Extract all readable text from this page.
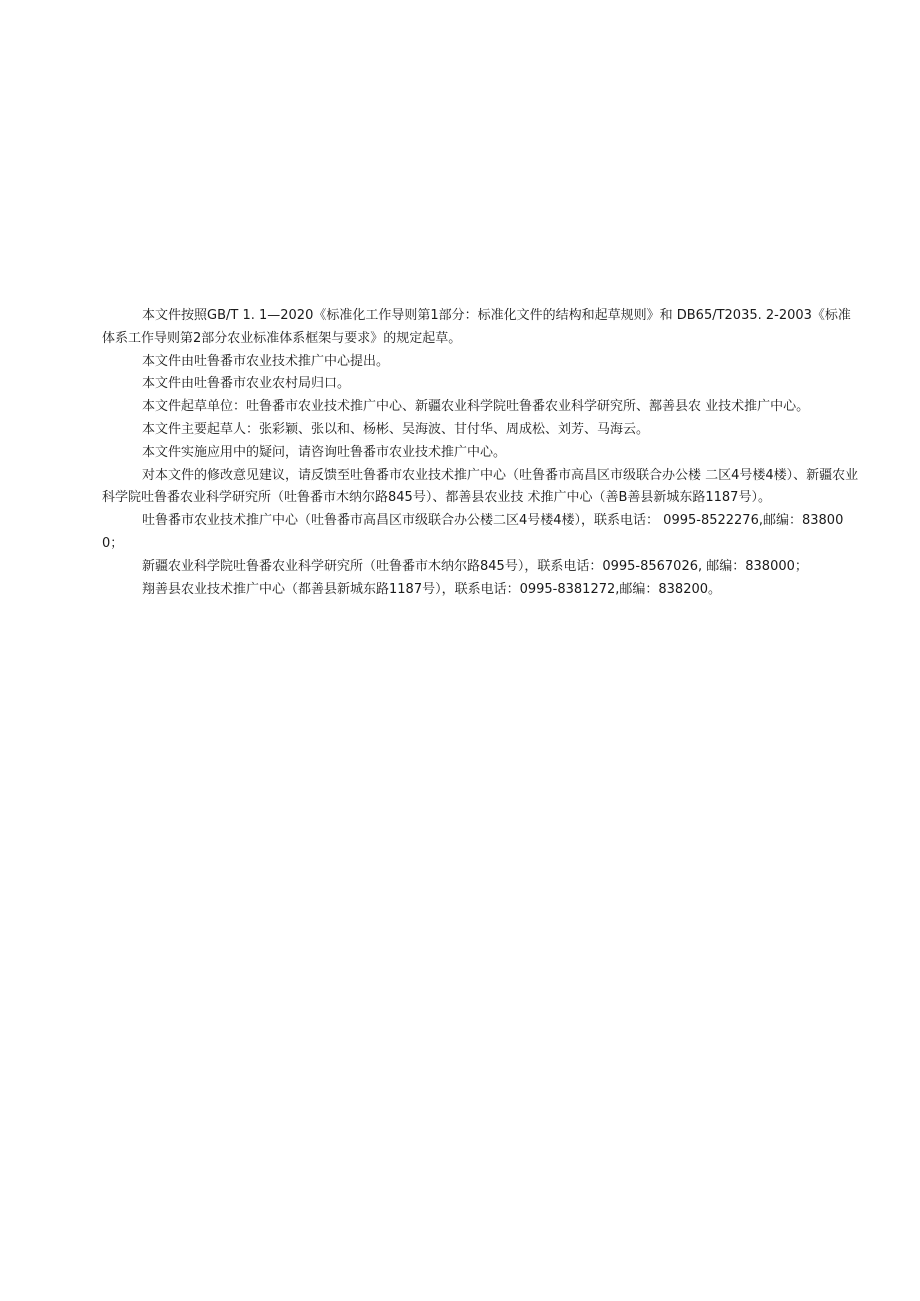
本文件按照GB/T 1. 1—2020《标准化工作导则第1部分：标准化文件的结构和起草规则》和 DB65/T2035. 2-2003《标准体系工作导则第2部分农业标准体系框架与要求》的规定起草。

本文件由吐鲁番市农业技术推广中心提出。

本文件由吐鲁番市农业农村局归口。

本文件起草单位：吐鲁番市农业技术推广中心、新疆农业科学院吐鲁番农业科学研究所、鄯善县农 业技术推广中心。

本文件主要起草人：张彩颖、张以和、杨彬、吴海波、甘付华、周成松、刘芳、马海云。

本文件实施应用中的疑问，请咨询吐鲁番市农业技术推广中心。

对本文件的修改意见建议，请反馈至吐鲁番市农业技术推广中心（吐鲁番市高昌区市级联合办公楼 二区4号楼4楼）、新疆农业科学院吐鲁番农业科学研究所（吐鲁番市木纳尔路845号）、都善县农业技 术推广中心（善B善县新城东路1187号）。

吐鲁番市农业技术推广中心（吐鲁番市高昌区市级联合办公楼二区4号楼4楼），联系电话： 0995-8522276,邮编：838000；

新疆农业科学院吐鲁番农业科学研究所（吐鲁番市木纳尔路845号），联系电话：0995-8567026, 邮编：838000；

翔善县农业技术推广中心（都善县新城东路1187号），联系电话：0995-8381272,邮编：838200。
